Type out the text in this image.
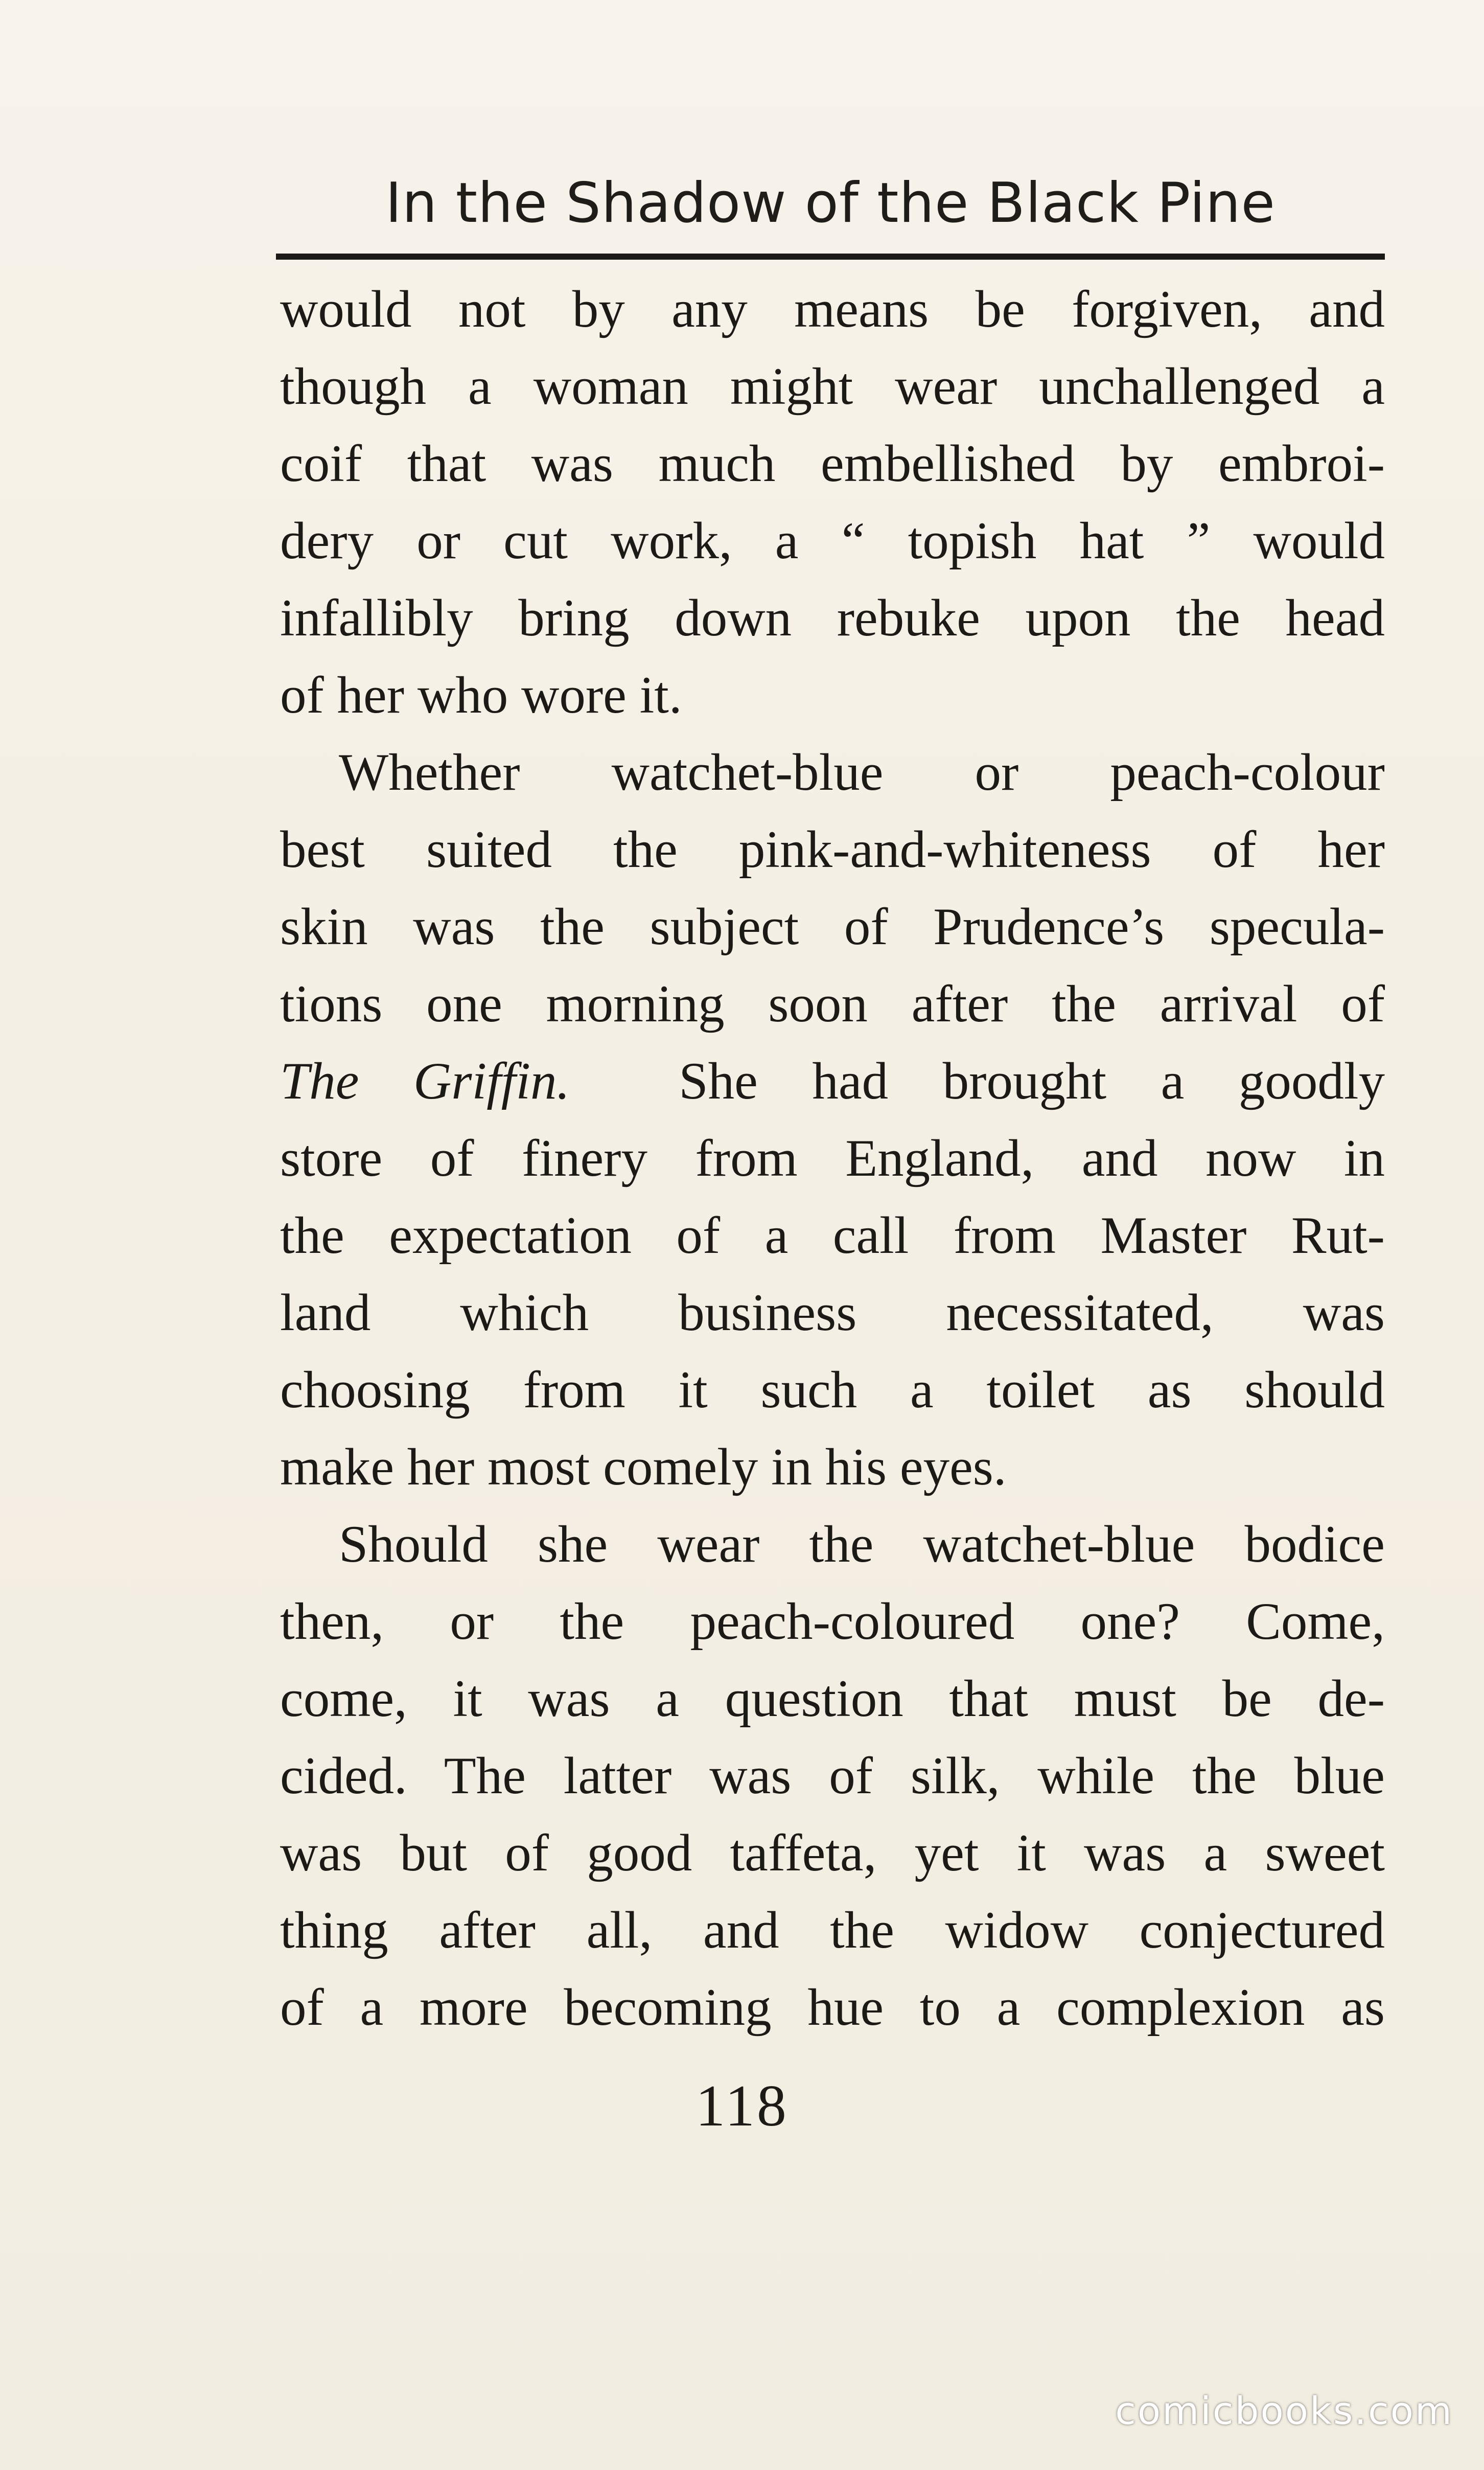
In the Shadow of the Black Pine
would not by any means be forgiven, and
though a woman might wear unchallenged a
coif that was much embellished by embroi-
dery or cut work, a “ topish hat ” would
infallibly bring down rebuke upon the head
of her who wore it.
Whether watchet-blue or peach-colour
best suited the pink-and-whiteness of her
skin was the subject of Prudence’s specula-
tions one morning soon after the arrival of
The Griffin. She had brought a goodly
store of finery from England, and now in
the expectation of a call from Master Rut-
land which business necessitated, was
choosing from it such a toilet as should
make her most comely in his eyes.
Should she wear the watchet-blue bodice
then, or the peach-coloured one? Come,
come, it was a question that must be de-
cided. The latter was of silk, while the blue
was but of good taffeta, yet it was a sweet
thing after all, and the widow conjectured
of a more becoming hue to a complexion as
118
comicbooks.com
